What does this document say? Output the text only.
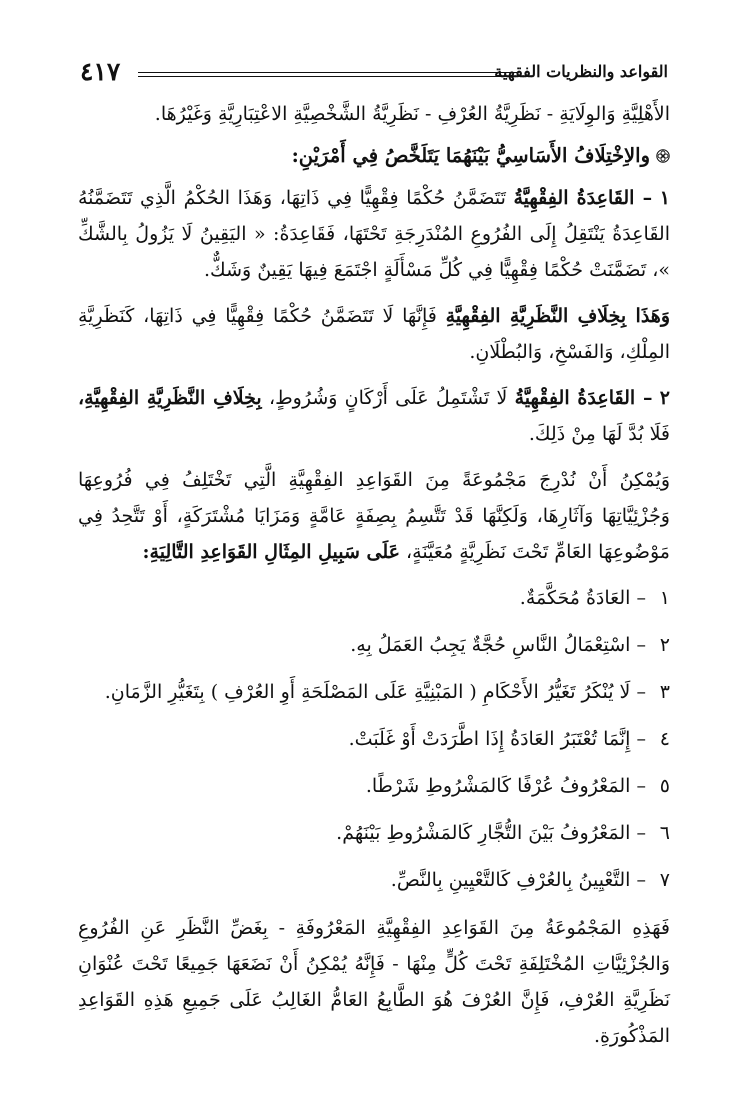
٤١٧	القواعد والنظريات الفقهية

الأَهْلِيَّةِ وَالوِلَايَةِ - نَظَرِيَّةُ العُرْفِ - نَظَرِيَّةُ الشَّخْصِيَّةِ الاعْتِبَارِيَّةِ وَغَيْرُهَا.

والاِخْتِلَافُ الأَسَاسِيُّ بَيْنَهُمَا يَتَلَخَّصُ فِي أَمْرَيْنِ:

١ – القَاعِدَةُ الفِقْهِيَّةُ تَتَضَمَّنُ حُكْمًا فِقْهِيًّا فِي ذَاتِهَا، وَهَذَا الحُكْمُ الَّذِي تَتَضَمَّنُهُ القَاعِدَةُ يَنْتَقِلُ إِلَى الفُرُوعِ المُنْدَرِجَةِ تَحْتَهَا، فَقَاعِدَةُ: « اليَقِينُ لَا يَزُولُ بِالشَّكِّ »، تَضَمَّنَتْ حُكْمًا فِقْهِيًّا فِي كُلِّ مَسْأَلَةٍ اجْتَمَعَ فِيهَا يَقِينٌ وَشَكٌّ.

وَهَذَا بِخِلَافِ النَّظَرِيَّةِ الفِقْهِيَّةِ فَإِنَّهَا لَا تَتَضَمَّنُ حُكْمًا فِقْهِيًّا فِي ذَاتِهَا، كَنَظَرِيَّةِ المِلْكِ، وَالفَسْخِ، وَالبُطْلَانِ.

٢ – القَاعِدَةُ الفِقْهِيَّةُ لَا تَشْتَمِلُ عَلَى أَرْكَانٍ وَشُرُوطٍ، بِخِلَافِ النَّظَرِيَّةِ الفِقْهِيَّةِ، فَلَا بُدَّ لَهَا مِنْ ذَلِكَ.

وَيُمْكِنُ أَنْ نُدْرِجَ مَجْمُوعَةً مِنَ القَوَاعِدِ الفِقْهِيَّةِ الَّتِي تَخْتَلِفُ فِي فُرُوعِهَا وَجُزْئِيَّاتِهَا وَآثَارِهَا، وَلَكِنَّهَا قَدْ تَتَّسِمُ بِصِفَةٍ عَامَّةٍ وَمَزَايَا مُشْتَرَكَةٍ، أَوْ تَتَّحِدُ فِي مَوْضُوعِهَا العَامِّ تَحْتَ نَظَرِيَّةٍ مُعَيَّنَةٍ، عَلَى سَبِيلِ المِثَالِ القَوَاعِدِ التَّالِيَةِ:

١ – العَادَةُ مُحَكَّمَةٌ.
٢ – اسْتِعْمَالُ النَّاسِ حُجَّةٌ يَجِبُ العَمَلُ بِهِ.
٣ – لَا يُنْكَرُ تَغَيُّرُ الأَحْكَامِ ( المَبْنِيَّةِ عَلَى المَصْلَحَةِ أَوِ العُرْفِ ) بِتَغَيُّرِ الزَّمَانِ.
٤ – إِنَّمَا تُعْتَبَرُ العَادَةُ إِذَا اطَّرَدَتْ أَوْ غَلَبَتْ.
٥ – المَعْرُوفُ عُرْفًا كَالمَشْرُوطِ شَرْطًا.
٦ – المَعْرُوفُ بَيْنَ التُّجَّارِ كَالمَشْرُوطِ بَيْنَهُمْ.
٧ – التَّعْيِينُ بِالعُرْفِ كَالتَّعْيِينِ بِالنَّصِّ.

فَهَذِهِ المَجْمُوعَةُ مِنَ القَوَاعِدِ الفِقْهِيَّةِ المَعْرُوفَةِ - بِغَضِّ النَّظَرِ عَنِ الفُرُوعِ وَالجُزْئِيَّاتِ المُخْتَلِفَةِ تَحْتَ كُلٍّ مِنْهَا - فَإِنَّهُ يُمْكِنُ أَنْ نَضَعَهَا جَمِيعًا تَحْتَ عُنْوَانِ نَظَرِيَّةِ العُرْفِ، فَإِنَّ العُرْفَ هُوَ الطَّابِعُ العَامُّ الغَالِبُ عَلَى جَمِيعِ هَذِهِ القَوَاعِدِ المَذْكُورَةِ.
